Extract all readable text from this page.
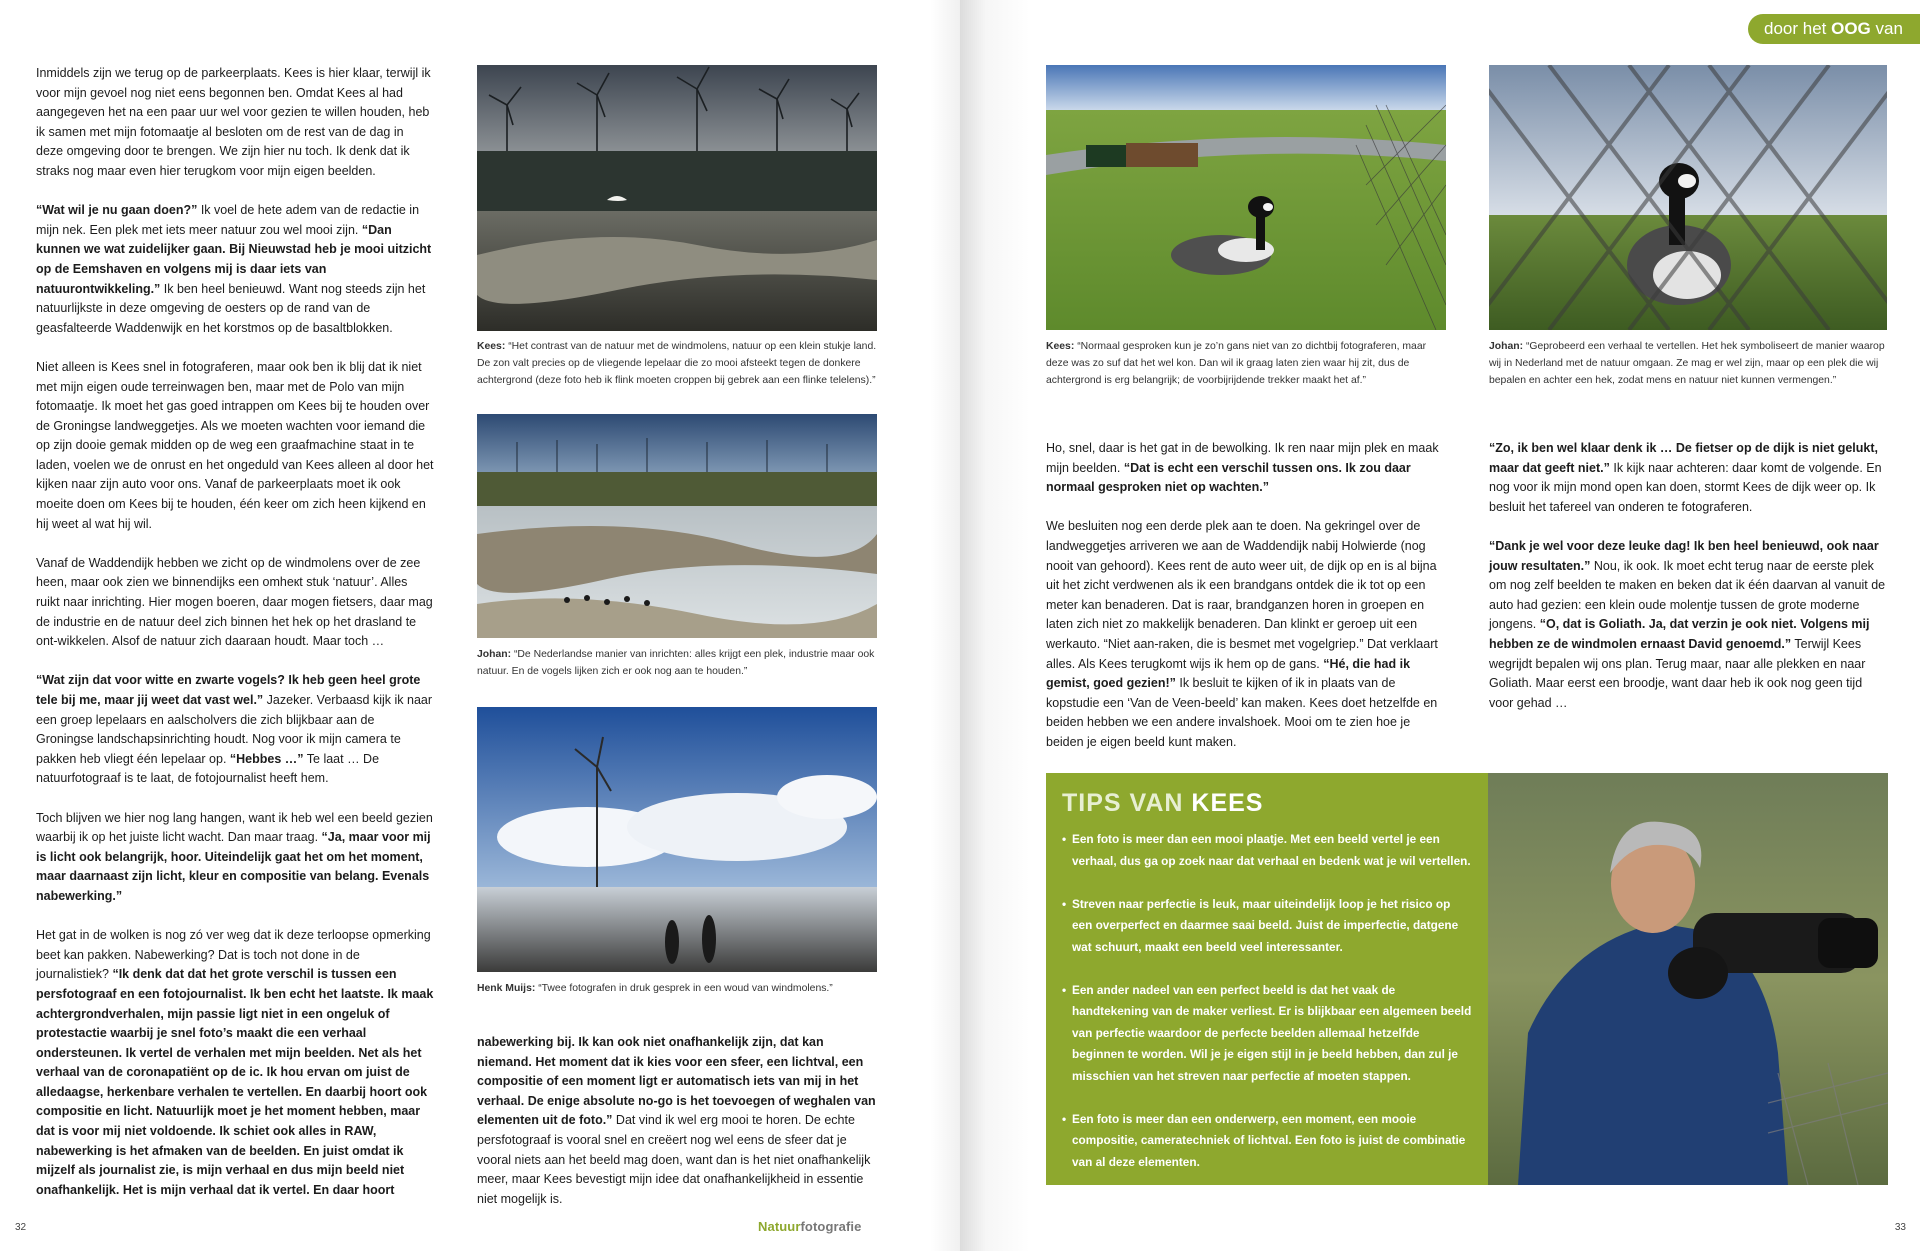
Inmiddels zijn we terug op de parkeerplaats. Kees is hier klaar, terwijl ik voor mijn gevoel nog niet eens begonnen ben. Omdat Kees al had aangegeven het na een paar uur wel voor gezien te willen houden, heb ik samen met mijn fotomaatje al besloten om de rest van de dag in deze omgeving door te brengen. We zijn hier nu toch. Ik denk dat ik straks nog maar even hier terugkom voor mijn eigen beelden.

“Wat wil je nu gaan doen?” Ik voel de hete adem van de redactie in mijn nek. Een plek met iets meer natuur zou wel mooi zijn. “Dan kunnen we wat zuidelijker gaan. Bij Nieuwstad heb je mooi uitzicht op de Eemshaven en volgens mij is daar iets van natuurontwikkeling.” Ik ben heel benieuwd. Want nog steeds zijn het natuurlijkste in deze omgeving de oesters op de rand van de geasfalteerde Waddenwijk en het korstmos op de basaltblokken.

Niet alleen is Kees snel in fotograferen, maar ook ben ik blij dat ik niet met mijn eigen oude terreinwagen ben, maar met de Polo van mijn fotomaatje. Ik moet het gas goed intrappen om Kees bij te houden over de Groningse landweggetjes. Als we moeten wachten voor iemand die op zijn dooie gemak midden op de weg een graafmachine staat in te laden, voelen we de onrust en het ongeduld van Kees alleen al door het kijken naar zijn auto voor ons. Vanaf de parkeerplaats moet ik ook moeite doen om Kees bij te houden, één keer om zich heen kijkend en hij weet al wat hij wil.

Vanaf de Waddendijk hebben we zicht op de windmolens over de zee heen, maar ook zien we binnendijks een omheкt stuk ‘natuur’. Alles ruikt naar inrichting. Hier mogen boeren, daar mogen fietsers, daar mag de industrie en de natuur deel zich binnen het hek op het drasland te ont-wikkelen. Alsof de natuur zich daaraan houdt. Maar toch …

“Wat zijn dat voor witte en zwarte vogels? Ik heb geen heel grote tele bij me, maar jij weet dat vast wel.” Jazeker. Verbaasd kijk ik naar een groep lepelaars en aalscholvers die zich blijkbaar aan de Groningse landschapsinrichting houdt. Nog voor ik mijn camera te pakken heb vliegt één lepelaar op. “Hebbes …” Te laat … De natuurfotograaf is te laat, de fotojournalist heeft hem.

Toch blijven we hier nog lang hangen, want ik heb wel een beeld gezien waarbij ik op het juiste licht wacht. Dan maar traag. “Ja, maar voor mij is licht ook belangrijk, hoor. Uiteindelijk gaat het om het moment, maar daarnaast zijn licht, kleur en compositie van belang. Evenals nabewerking.”

Het gat in de wolken is nog zó ver weg dat ik deze terloopse opmerking beet kan pakken. Nabewerking? Dat is toch not done in de journalistiek? “Ik denk dat dat het grote verschil is tussen een persfotograaf en een fotojournalist. Ik ben echt het laatste. Ik maak achtergrondverhalen, mijn passie ligt niet in een ongeluk of protestactie waarbij je snel foto’s maakt die een verhaal ondersteunen. Ik vertel de verhalen met mijn beelden. Net als het verhaal van de coronapatiënt op de ic. Ik hou ervan om juist de alledaagse, herkenbare verhalen te vertellen. En daarbij hoort ook compositie en licht. Natuurlijk moet je het moment hebben, maar dat is voor mij niet voldoende. Ik schiet ook alles in RAW, nabewerking is het afmaken van de beelden. En juist omdat ik mijzelf als journalist zie, is mijn verhaal en dus mijn beeld niet onafhankelijk. Het is mijn verhaal dat ik vertel. En daar hoort

Kees: “Het contrast van de natuur met de windmolens, natuur op een klein stukje land. De zon valt precies op de vliegende lepelaar die zo mooi afsteekt tegen de donkere achtergrond (deze foto heb ik flink moeten croppen bij gebrek aan een flinke telelens).”
Johan: “De Nederlandse manier van inrichten: alles krijgt een plek, industrie maar ook natuur. En de vogels lijken zich er ook nog aan te houden.”
Henk Muijs: “Twee fotografen in druk gesprek in een woud van windmolens.”

nabewerking bij. Ik kan ook niet onafhankelijk zijn, dat kan niemand. Het moment dat ik kies voor een sfeer, een lichtval, een compositie of een moment ligt er automatisch iets van mij in het verhaal. De enige absolute no-go is het toevoegen of weghalen van elementen uit de foto.” Dat vind ik wel erg mooi te horen. De echte persfotograaf is vooral snel en creëert nog wel eens de sfeer dat je vooral niets aan het beeld mag doen, want dan is het niet onafhankelijk meer, maar Kees bevestigt mijn idee dat onafhankelijkheid in essentie niet mogelijk is.

32	Natuurfotografie
door het OOG van
Kees: “Normaal gesproken kun je zo’n gans niet van zo dichtbij fotograferen, maar deze was zo suf dat het wel kon. Dan wil ik graag laten zien waar hij zit, dus de achtergrond is erg belangrijk; de voorbijrijdende trekker maakt het af.”
Johan: “Geprobeerd een verhaal te vertellen. Het hek symboliseert de manier waarop wij in Nederland met de natuur omgaan. Ze mag er wel zijn, maar op een plek die wij bepalen en achter een hek, zodat mens en natuur niet kunnen vermengen.”

Ho, snel, daar is het gat in de bewolking. Ik ren naar mijn plek en maak mijn beelden. “Dat is echt een verschil tussen ons. Ik zou daar normaal gesproken niet op wachten.”

We besluiten nog een derde plek aan te doen. Na gekringel over de landweggetjes arriveren we aan de Waddendijk nabij Holwierde (nog nooit van gehoord). Kees rent de auto weer uit, de dijk op en is al bijna uit het zicht verdwenen als ik een brandgans ontdek die ik tot op een meter kan benaderen. Dat is raar, brandganzen horen in groepen en laten zich niet zo makkelijk benaderen. Dan klinkt er geroep uit een werkauto. “Niet aan-raken, die is besmet met vogelgriep.” Dat verklaart alles. Als Kees terugkomt wijs ik hem op de gans. “Hé, die had ik gemist, goed gezien!” Ik besluit te kijken of ik in plaats van de kopstudie een ‘Van de Veen-beeld’ kan maken. Kees doet hetzelfde en beiden hebben we een andere invalshoek. Mooi om te zien hoe je beiden je eigen beeld kunt maken.

“Zo, ik ben wel klaar denk ik … De fietser op de dijk is niet gelukt, maar dat geeft niet.” Ik kijk naar achteren: daar komt de volgende. En nog voor ik mijn mond open kan doen, stormt Kees de dijk weer op. Ik besluit het tafereel van onderen te fotograferen.

“Dank je wel voor deze leuke dag! Ik ben heel benieuwd, ook naar jouw resultaten.” Nou, ik ook. Ik moet echt terug naar de eerste plek om nog zelf beelden te maken en beken dat ik één daarvan al vanuit de auto had gezien: een klein oude molentje tussen de grote moderne jongens. “O, dat is Goliath. Ja, dat verzin je ook niet. Volgens mij hebben ze de windmolen ernaast David genoemd.” Terwijl Kees wegrijdt bepalen wij ons plan. Terug maar, naar alle plekken en naar Goliath. Maar eerst een broodje, want daar heb ik ook nog geen tijd voor gehad …

TIPS VAN KEES
• Een foto is meer dan een mooi plaatje. Met een beeld vertel je een verhaal, dus ga op zoek naar dat verhaal en bedenk wat je wil vertellen.
• Streven naar perfectie is leuk, maar uiteindelijk loop je het risico op een overperfect en daarmee saai beeld. Juist de imperfectie, datgene wat schuurt, maakt een beeld veel interessanter.
• Een ander nadeel van een perfect beeld is dat het vaak de handtekening van de maker verliest. Er is blijkbaar een algemeen beeld van perfectie waardoor de perfecte beelden allemaal hetzelfde beginnen te worden. Wil je je eigen stijl in je beeld hebben, dan zul je misschien van het streven naar perfectie af moeten stappen.
• Een foto is meer dan een onderwerp, een moment, een mooie compositie, cameratechniek of lichtval. Een foto is juist de combinatie van al deze elementen.
33
